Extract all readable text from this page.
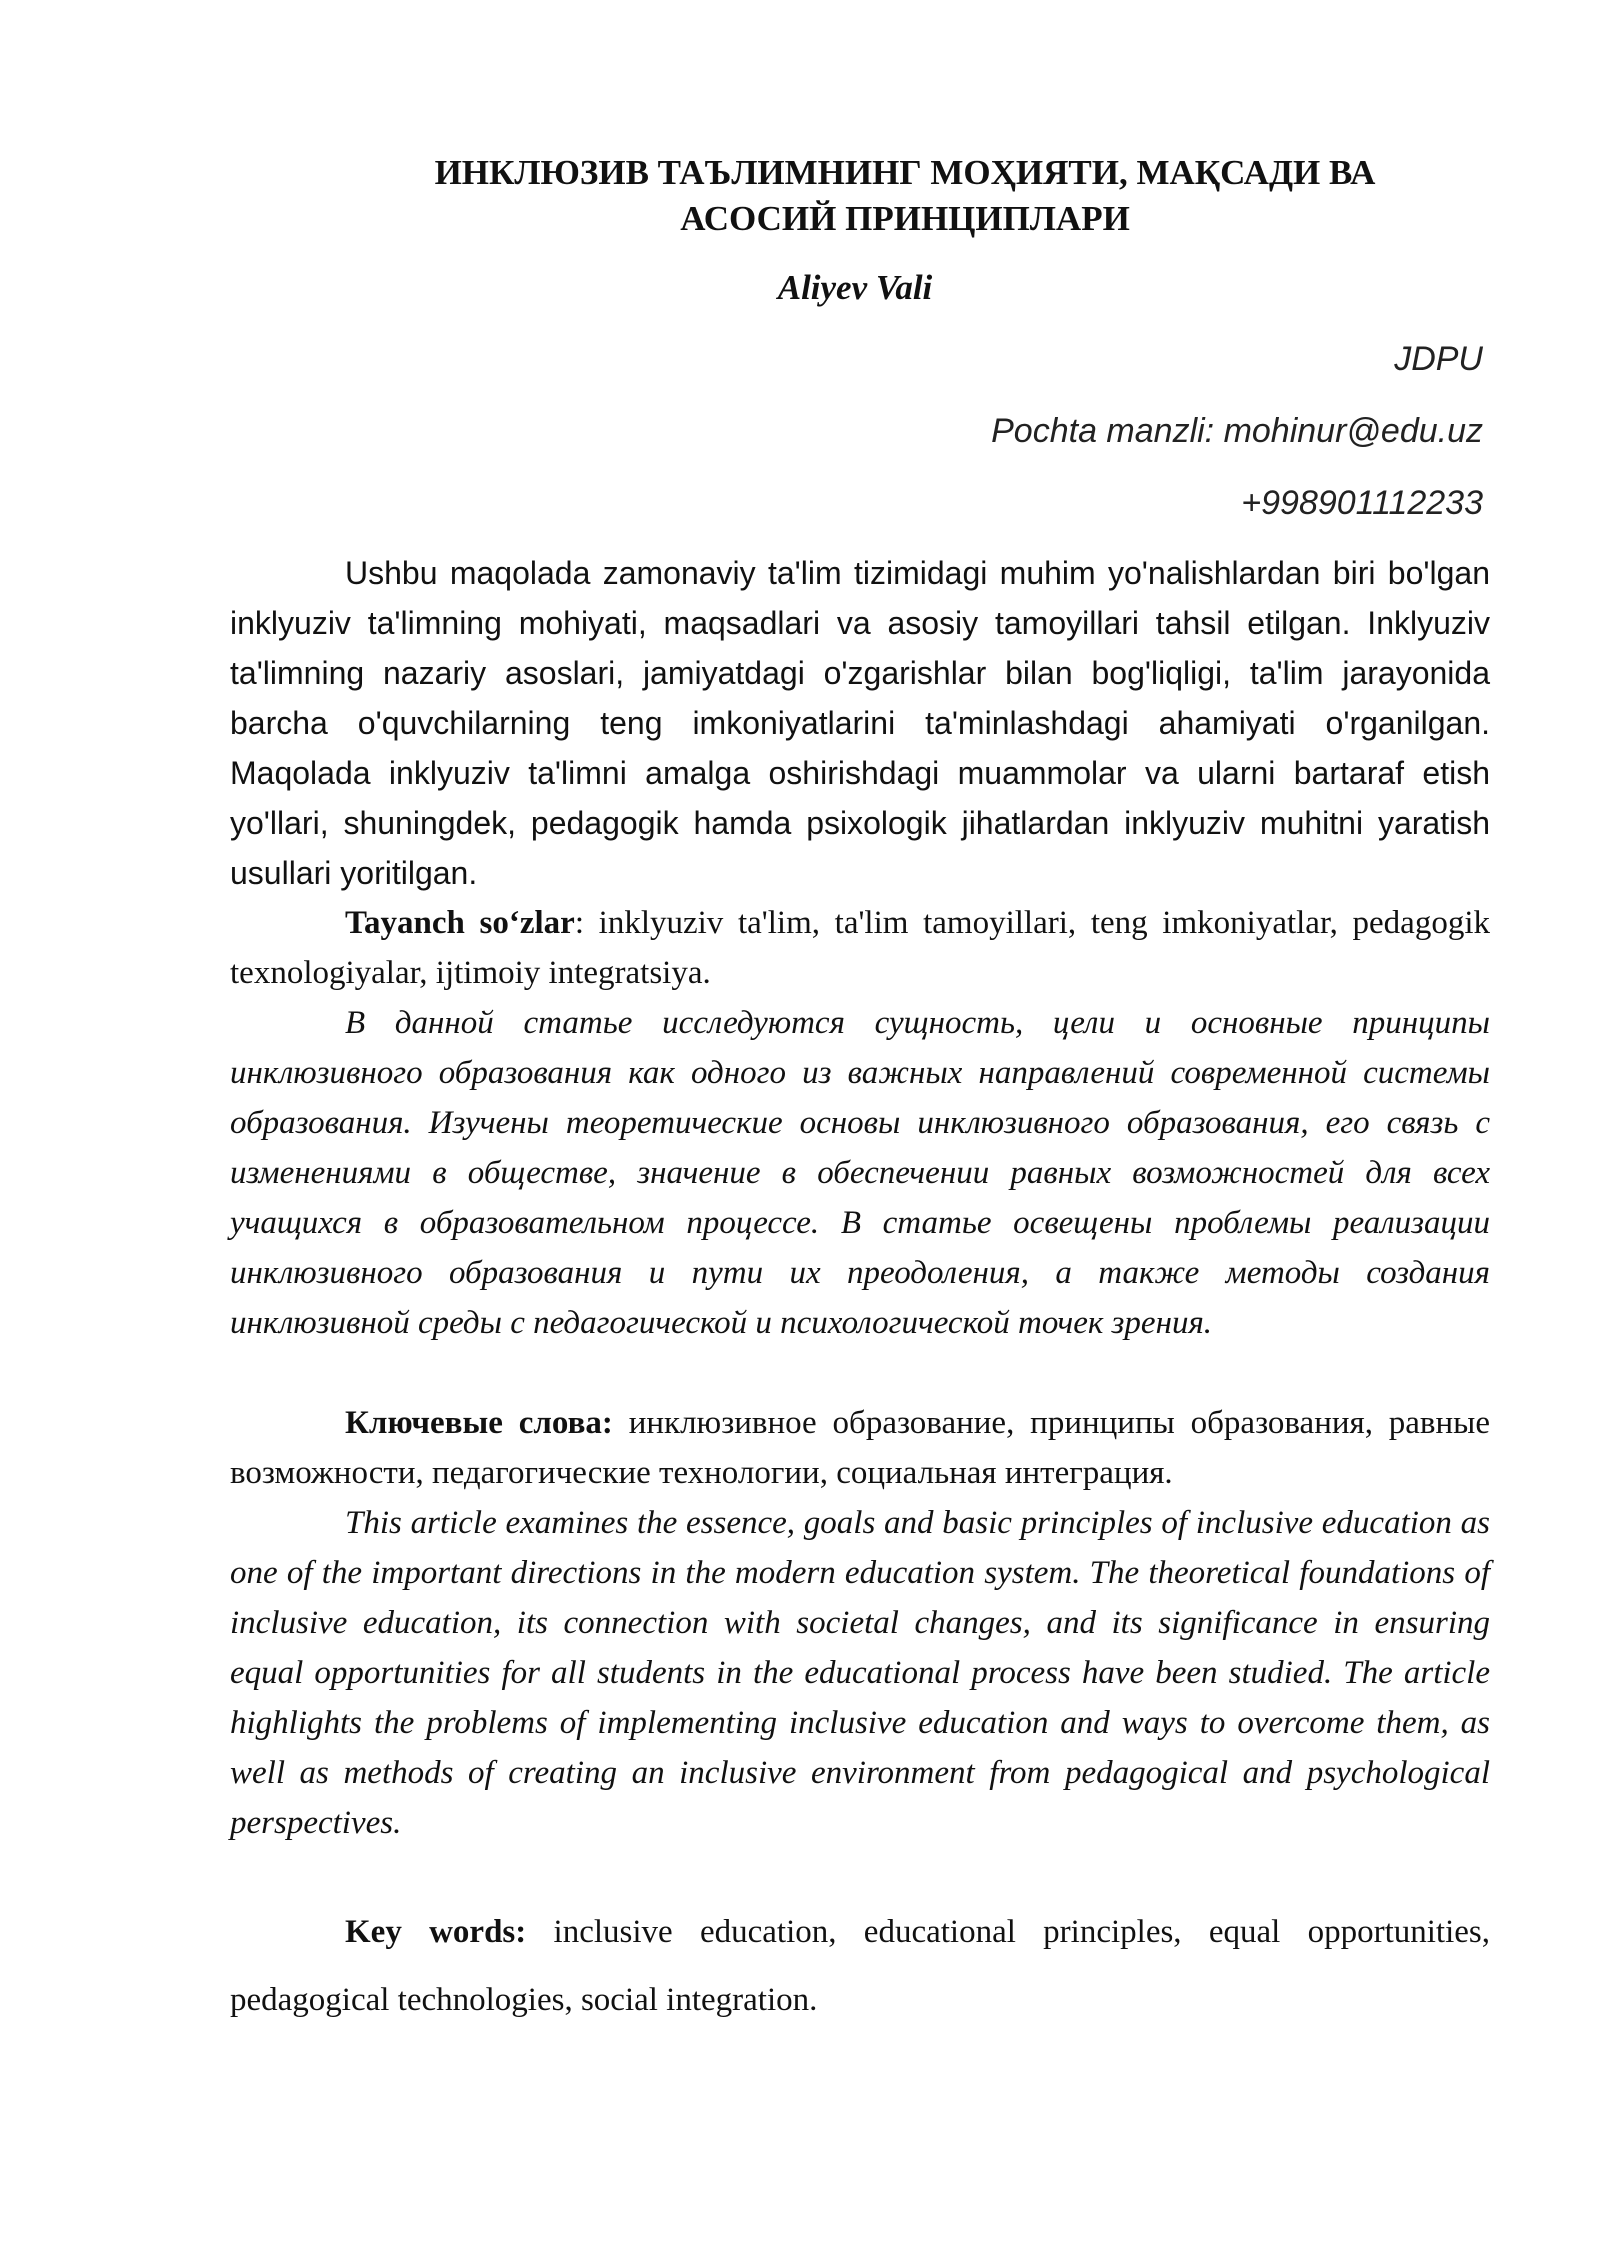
ИНКЛЮЗИВ ТАЪЛИМНИНГ МОҲИЯТИ, МАҚСАДИ ВА
АСОСИЙ ПРИНЦИПЛАРИ
Aliyev Vali
JDPU
Pochta manzli: mohinur@edu.uz
+998901112233

Ushbu maqolada zamonaviy ta'lim tizimidagi muhim yo'nalishlardan biri bo'lgan inklyuziv ta'limning mohiyati, maqsadlari va asosiy tamoyillari tahsil etilgan. Inklyuziv ta'limning nazariy asoslari, jamiyatdagi o'zgarishlar bilan bog'liqligi, ta'lim jarayonida barcha o'quvchilarning teng imkoniyatlarini ta'minlashdagi ahamiyati o'rganilgan. Maqolada inklyuziv ta'limni amalga oshirishdagi muammolar va ularni bartaraf etish yo'llari, shuningdek, pedagogik hamda psixologik jihatlardan inklyuziv muhitni yaratish usullari yoritilgan.

Tayanch so‘zlar: inklyuziv ta'lim, ta'lim tamoyillari, teng imkoniyatlar, pedagogik texnologiyalar, ijtimoiy integratsiya.

В данной статье исследуются сущность, цели и основные принципы инклюзивного образования как одного из важных направлений современной системы образования. Изучены теоретические основы инклюзивного образования, его связь с изменениями в обществе, значение в обеспечении равных возможностей для всех учащихся в образовательном процессе. В статье освещены проблемы реализации инклюзивного образования и пути их преодоления, а также методы создания инклюзивной среды с педагогической и психологической точек зрения.

Ключевые слова: инклюзивное образование, принципы образования, равные возможности, педагогические технологии, социальная интеграция.

This article examines the essence, goals and basic principles of inclusive education as one of the important directions in the modern education system. The theoretical foundations of inclusive education, its connection with societal changes, and its significance in ensuring equal opportunities for all students in the educational process have been studied. The article highlights the problems of implementing inclusive education and ways to overcome them, as well as methods of creating an inclusive environment from pedagogical and psychological perspectives.

Key words: inclusive education, educational principles, equal opportunities, pedagogical technologies, social integration.
